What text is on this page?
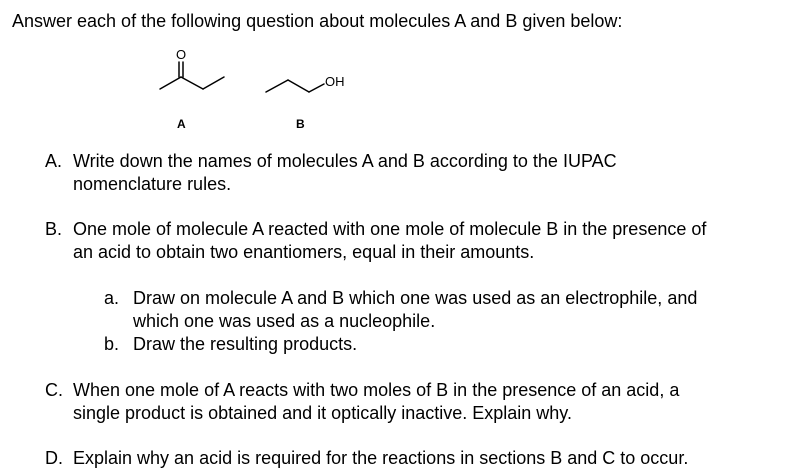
Answer each of the following question about molecules A and B given below:
O
OH
A	B
A. Write down the names of molecules A and B according to the IUPAC
nomenclature rules.
B. One mole of molecule A reacted with one mole of molecule B in the presence of
an acid to obtain two enantiomers, equal in their amounts.
a. Draw on molecule A and B which one was used as an electrophile, and
which one was used as a nucleophile.
b. Draw the resulting products.
C. When one mole of A reacts with two moles of B in the presence of an acid, a
single product is obtained and it optically inactive. Explain why.
D. Explain why an acid is required for the reactions in sections B and C to occur.
